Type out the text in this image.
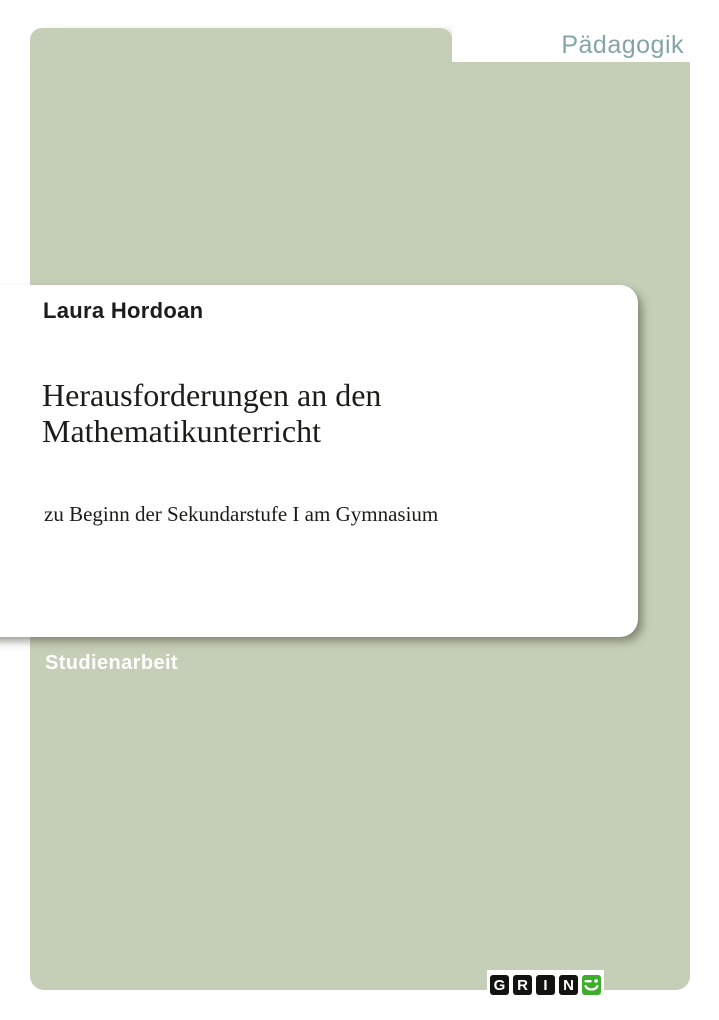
Pädagogik
Laura Hordoan
Herausforderungen an den Mathematikunterricht
zu Beginn der Sekundarstufe I am Gymnasium
Studienarbeit
G R	I	N
